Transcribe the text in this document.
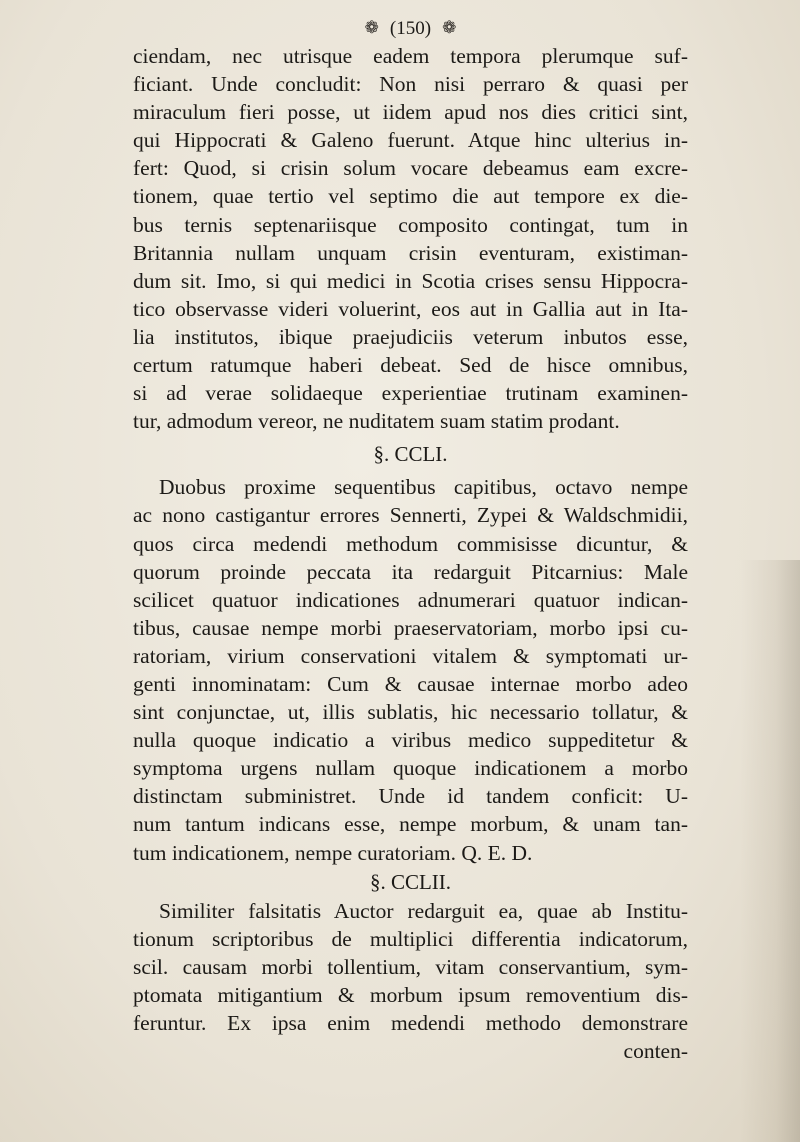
❁ (150) ❁
ciendam, nec utrisque eadem tempora plerumque suf-
ficiant. Unde concludit: Non nisi perraro & quasi per
miraculum fieri posse, ut iidem apud nos dies critici sint,
qui Hippocrati & Galeno fuerunt. Atque hinc ulterius in-
fert: Quod, si crisin solum vocare debeamus eam excre-
tionem, quae tertio vel septimo die aut tempore ex die-
bus ternis septenariisque composito contingat, tum in
Britannia nullam unquam crisin eventuram, existiman-
dum sit. Imo, si qui medici in Scotia crises sensu Hippocra-
tico observasse videri voluerint, eos aut in Gallia aut in Ita-
lia institutos, ibique praejudiciis veterum inbutos esse,
certum ratumque haberi debeat. Sed de hisce omnibus,
si ad verae solidaeque experientiae trutinam examinen-
tur, admodum vereor, ne nuditatem suam statim prodant.
§. CCLI.
Duobus proxime sequentibus capitibus, octavo nempe
ac nono castigantur errores Sennerti, Zypei & Waldschmidii,
quos circa medendi methodum commisisse dicuntur, &
quorum proinde peccata ita redarguit Pitcarnius: Male
scilicet quatuor indicationes adnumerari quatuor indican-
tibus, causae nempe morbi praeservatoriam, morbo ipsi cu-
ratoriam, virium conservationi vitalem & symptomati ur-
genti innominatam: Cum & causae internae morbo adeo
sint conjunctae, ut, illis sublatis, hic necessario tollatur, &
nulla quoque indicatio a viribus medico suppeditetur &
symptoma urgens nullam quoque indicationem a morbo
distinctam subministret. Unde id tandem conficit: U-
num tantum indicans esse, nempe morbum, & unam tan-
tum indicationem, nempe curatoriam. Q. E. D.
§. CCLII.
Similiter falsitatis Auctor redarguit ea, quae ab Institu-
tionum scriptoribus de multiplici differentia indicatorum,
scil. causam morbi tollentium, vitam conservantium, sym-
ptomata mitigantium & morbum ipsum removentium dis-
feruntur. Ex ipsa enim medendi methodo demonstrare
conten-
